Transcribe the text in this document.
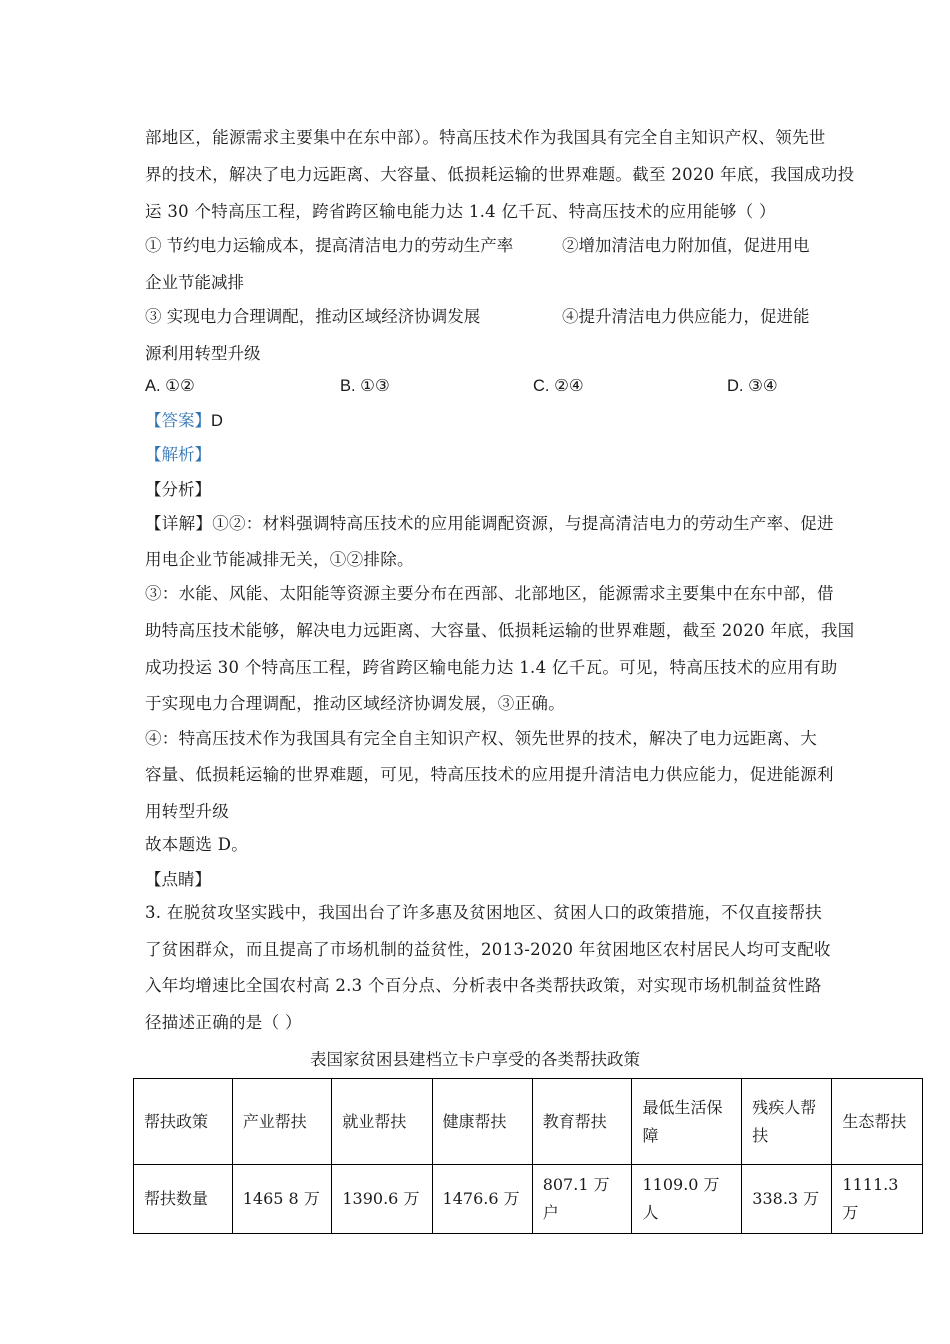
部地区，能源需求主要集中在东中部）。特高压技术作为我国具有完全自主知识产权、领先世
界的技术，解决了电力远距离、大容量、低损耗运输的世界难题。截至 2020 年底，我国成功投
运 30 个特高压工程，跨省跨区输电能力达 1.4 亿千瓦、特高压技术的应用能够（ ）
① 节约电力运输成本，提高清洁电力的劳动生产率	②增加清洁电力附加值，促进用电
企业节能减排
③ 实现电力合理调配，推动区域经济协调发展	④提升清洁电力供应能力，促进能
源利用转型升级
A. ①②	B. ①③	C. ②④	D. ③④
【答案】D
【解析】
【分析】
【详解】①②：材料强调特高压技术的应用能调配资源，与提高清洁电力的劳动生产率、促进
用电企业节能减排无关，①②排除。
③：水能、风能、太阳能等资源主要分布在西部、北部地区，能源需求主要集中在东中部，借
助特高压技术能够，解决电力远距离、大容量、低损耗运输的世界难题，截至 2020 年底，我国
成功投运 30 个特高压工程，跨省跨区输电能力达 1.4 亿千瓦。可见，特高压技术的应用有助
于实现电力合理调配，推动区域经济协调发展，③正确。
④：特高压技术作为我国具有完全自主知识产权、领先世界的技术，解决了电力远距离、大
容量、低损耗运输的世界难题，可见，特高压技术的应用提升清洁电力供应能力，促进能源利
用转型升级
故本题选 D。
【点睛】
3. 在脱贫攻坚实践中，我国出台了许多惠及贫困地区、贫困人口的政策措施，不仅直接帮扶
了贫困群众，而且提高了市场机制的益贫性，2013-2020 年贫困地区农村居民人均可支配收
入年均增速比全国农村高 2.3 个百分点、分析表中各类帮扶政策，对实现市场机制益贫性路
径描述正确的是（ ）
表国家贫困县建档立卡户享受的各类帮扶政策
帮扶政策	产业帮扶	就业帮扶	健康帮扶	教育帮扶	最低生活保障	残疾人帮扶	生态帮扶
帮扶数量	1465 8 万	1390.6 万	1476.6 万	807.1 万户	1109.0 万人	338.3 万	1111.3 万
